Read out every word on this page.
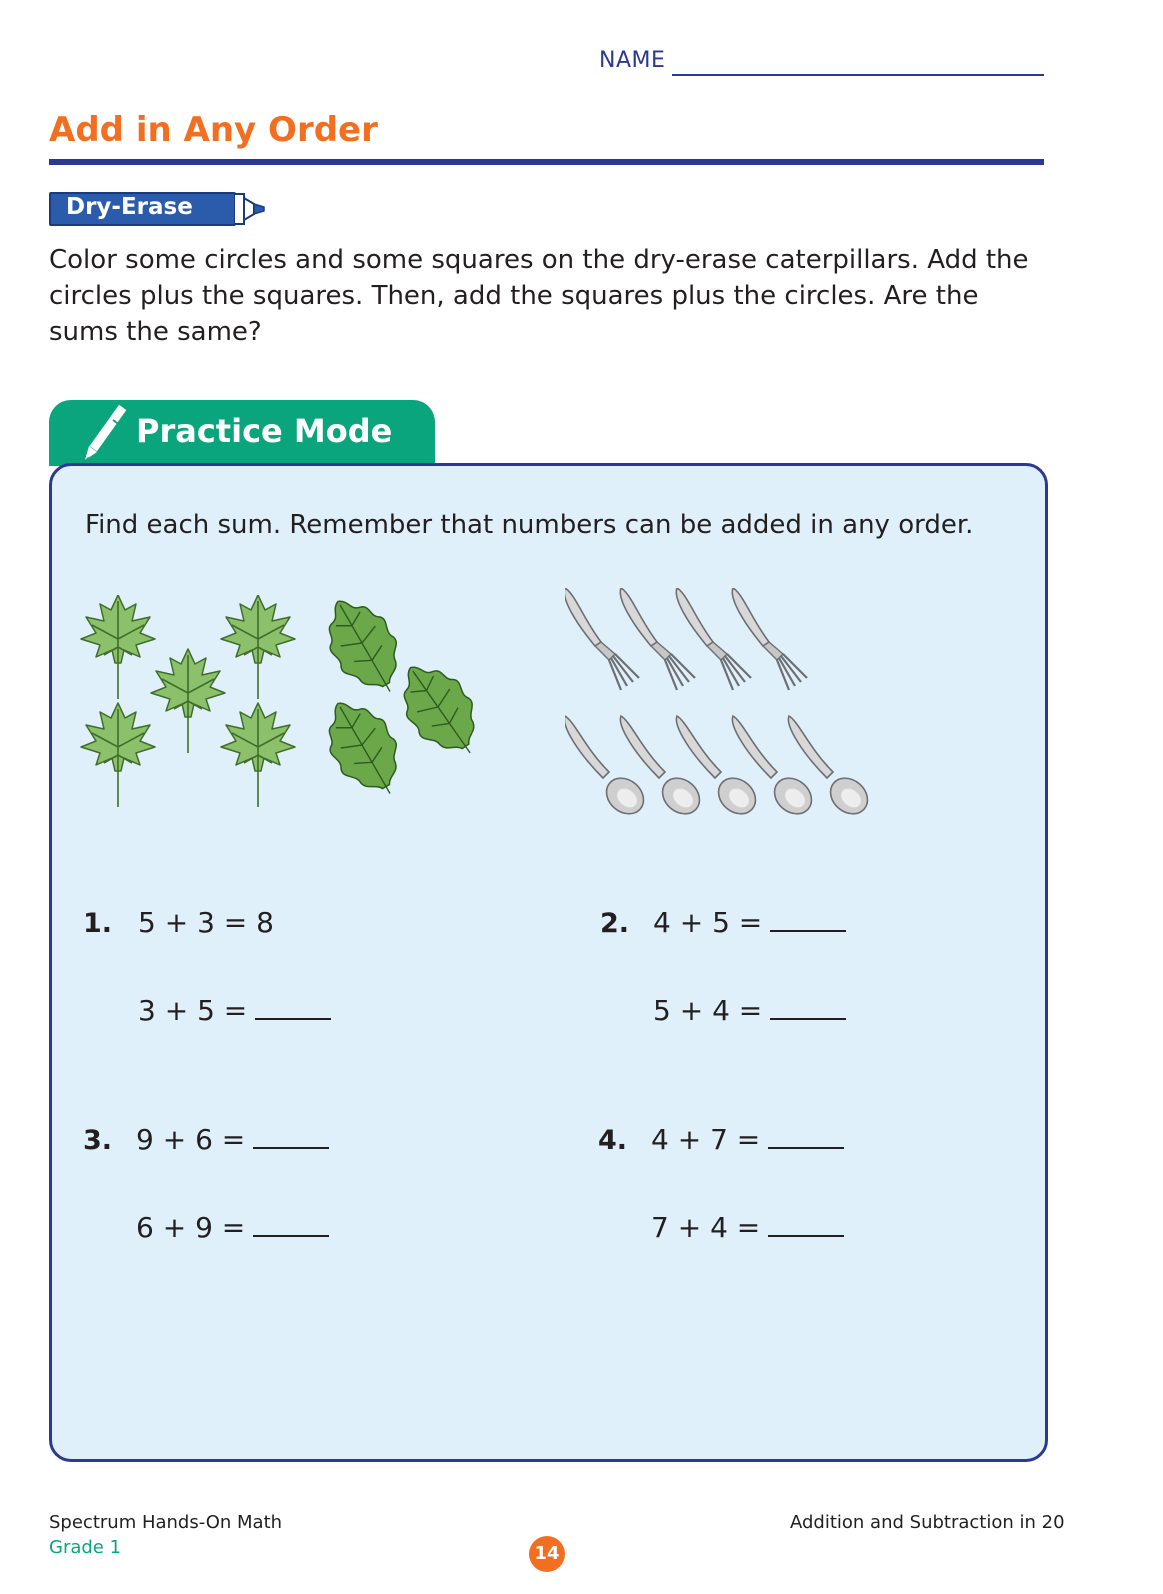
NAME
Add in Any Order
Dry-Erase
Color some circles and some squares on the dry-erase caterpillars. Add the circles plus the squares. Then, add the squares plus the circles. Are the sums the same?
Practice Mode
Find each sum. Remember that numbers can be added in any order.
1. 5 + 3 = 8
3 + 5 =
2. 4 + 5 =
5 + 4 =
3. 9 + 6 =
6 + 9 =
4. 4 + 7 =
7 + 4 =
Spectrum Hands-On Math
Grade 1
Addition and Subtraction in 20
14
